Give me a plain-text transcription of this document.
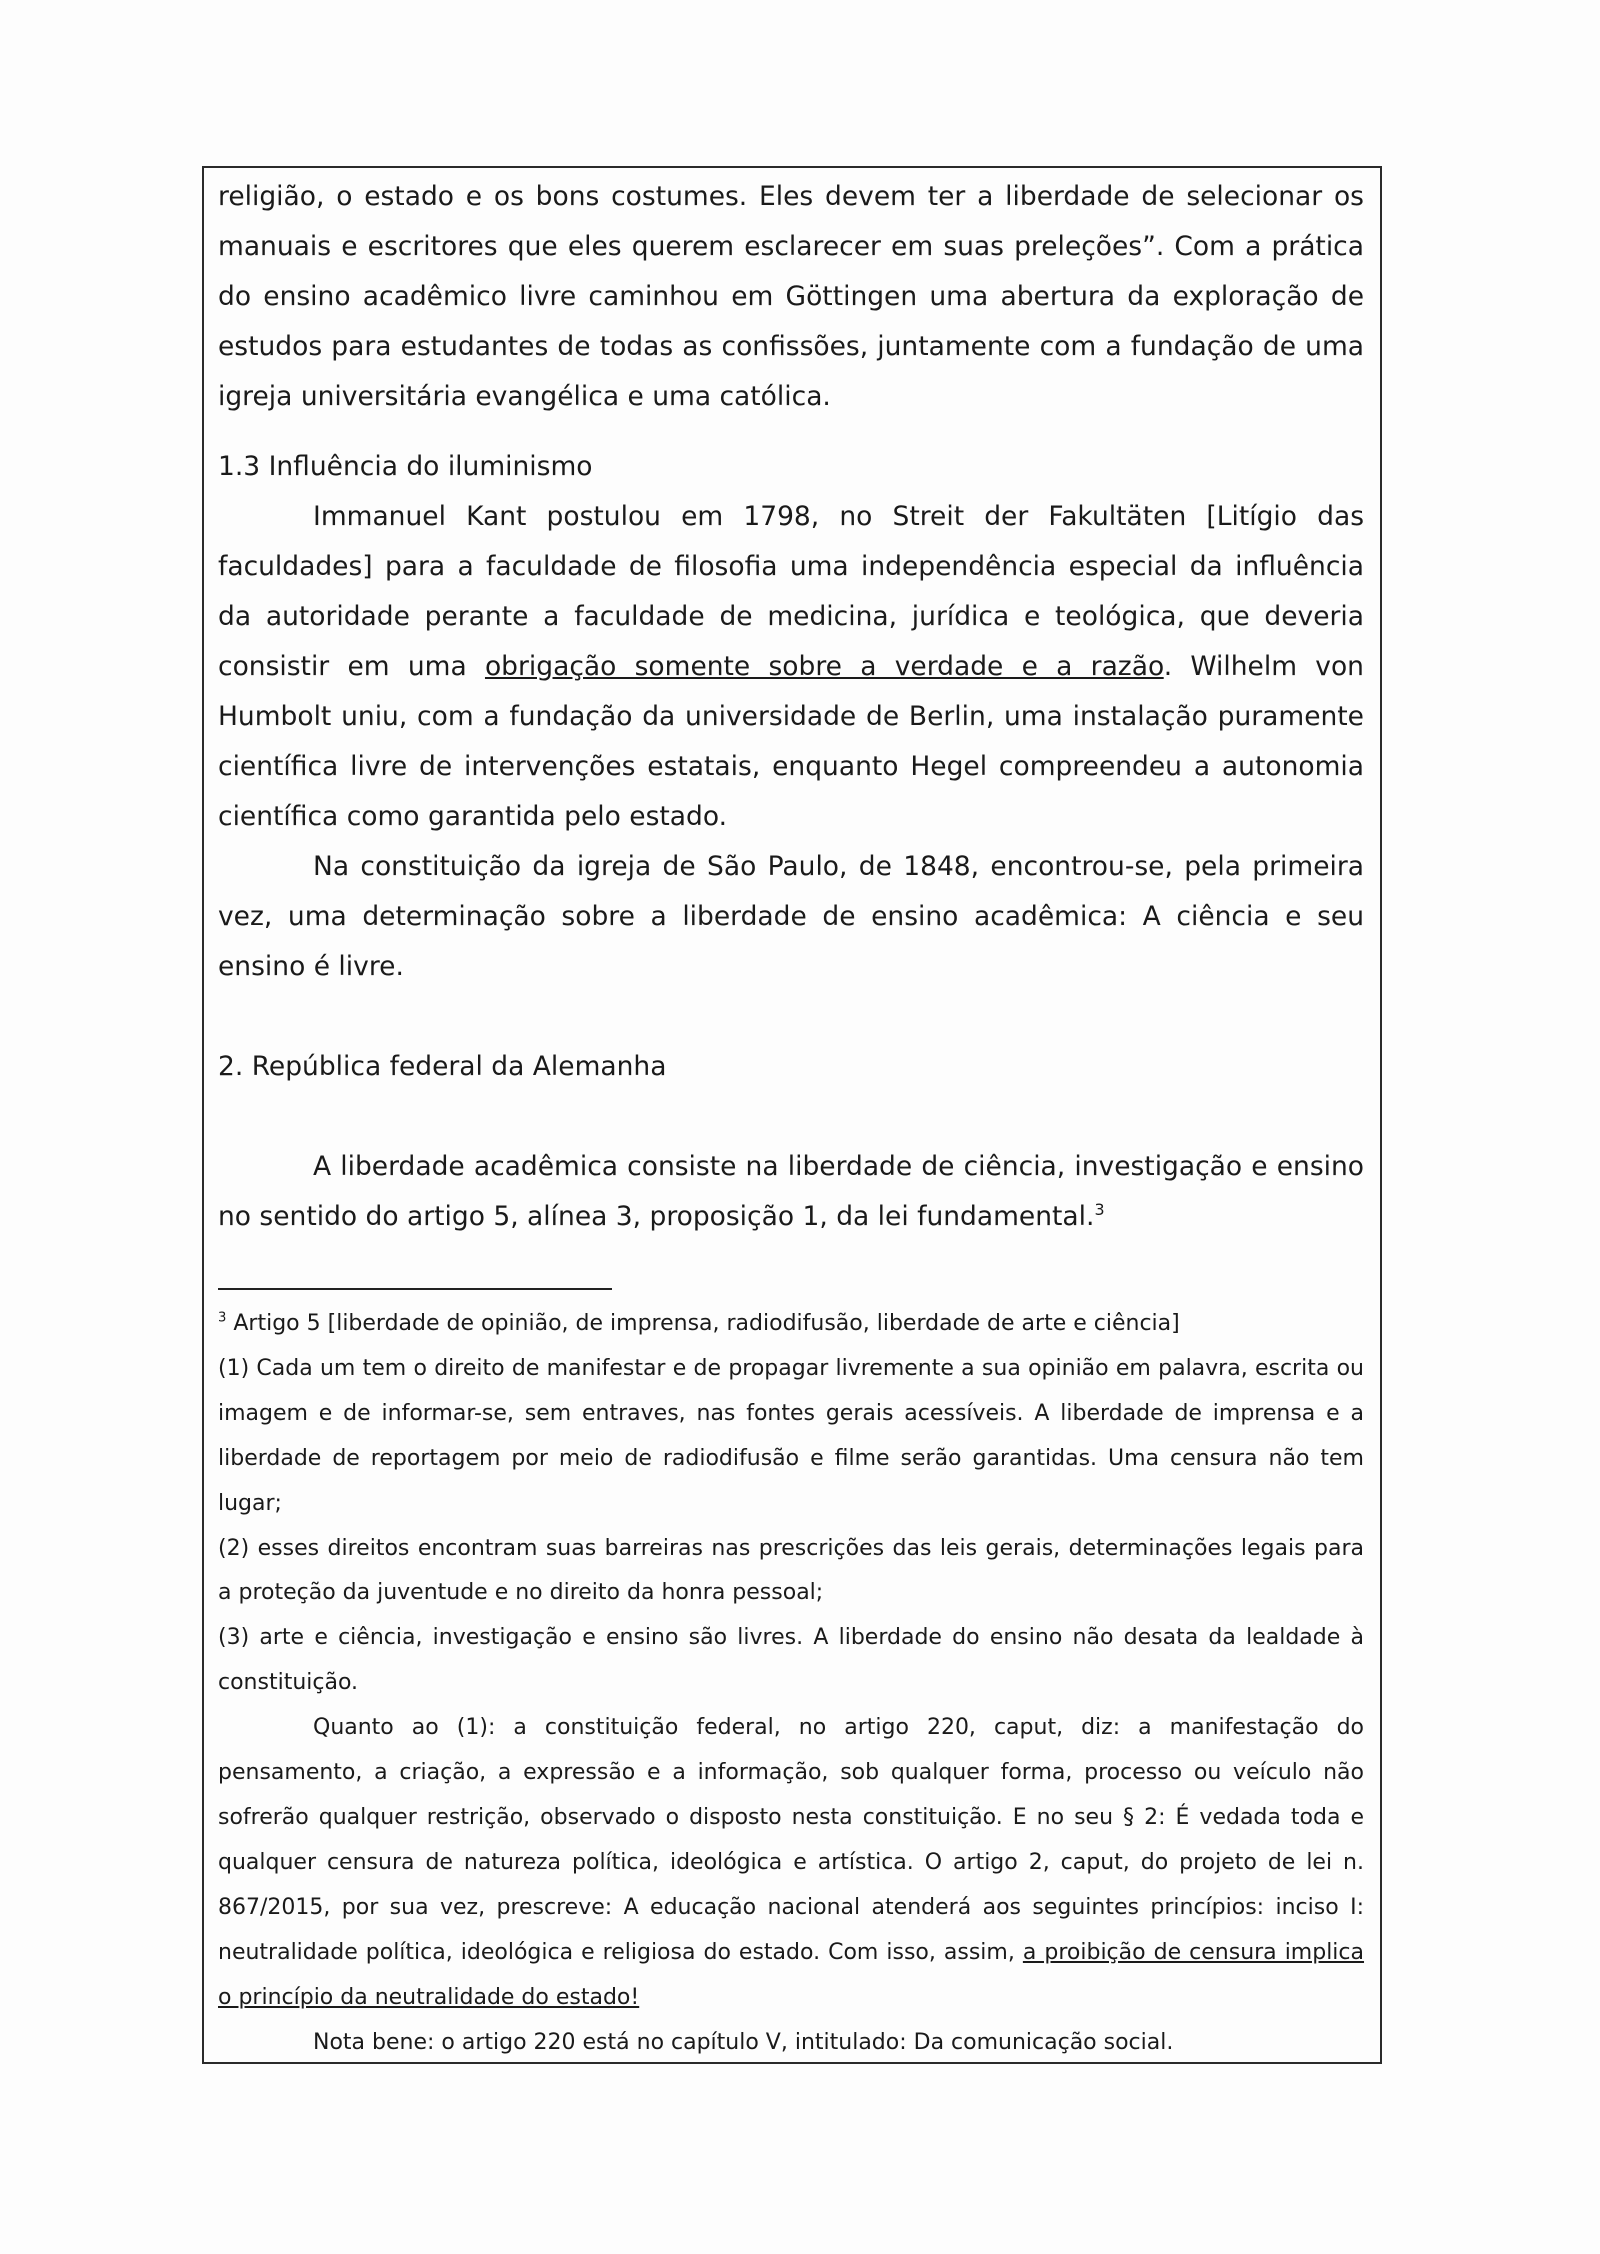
religião, o estado e os bons costumes. Eles devem ter a liberdade de selecionar os manuais e escritores que eles querem esclarecer em suas preleções”. Com a prática do ensino acadêmico livre caminhou em Göttingen uma abertura da exploração de estudos para estudantes de todas as confissões, juntamente com a fundação de uma igreja universitária evangélica e uma católica.

1.3 Influência do iluminismo

Immanuel Kant postulou em 1798, no Streit der Fakultäten [Litígio das faculdades] para a faculdade de filosofia uma independência especial da influência da autoridade perante a faculdade de medicina, jurídica e teológica, que deveria consistir em uma obrigação somente sobre a verdade e a razão. Wilhelm von Humbolt uniu, com a fundação da universidade de Berlin, uma instalação puramente científica livre de intervenções estatais, enquanto Hegel compreendeu a autonomia científica como garantida pelo estado.

Na constituição da igreja de São Paulo, de 1848, encontrou-se, pela primeira vez, uma determinação sobre a liberdade de ensino acadêmica: A ciência e seu ensino é livre.

2. República federal da Alemanha

A liberdade acadêmica consiste na liberdade de ciência, investigação e ensino no sentido do artigo 5, alínea 3, proposição 1, da lei fundamental.$^3$

$^3$ Artigo 5 [liberdade de opinião, de imprensa, radiodifusão, liberdade de arte e ciência]

(1) Cada um tem o direito de manifestar e de propagar livremente a sua opinião em palavra, escrita ou imagem e de informar-se, sem entraves, nas fontes gerais acessíveis. A liberdade de imprensa e a liberdade de reportagem por meio de radiodifusão e filme serão garantidas. Uma censura não tem lugar;

(2) esses direitos encontram suas barreiras nas prescrições das leis gerais, determinações legais para a proteção da juventude e no direito da honra pessoal;

(3) arte e ciência, investigação e ensino são livres. A liberdade do ensino não desata da lealdade à constituição.

Quanto ao (1): a constituição federal, no artigo 220, caput, diz: a manifestação do pensamento, a criação, a expressão e a informação, sob qualquer forma, processo ou veículo não sofrerão qualquer restrição, observado o disposto nesta constituição. E no seu § 2: É vedada toda e qualquer censura de natureza política, ideológica e artística. O artigo 2, caput, do projeto de lei n. 867/2015, por sua vez, prescreve: A educação nacional atenderá aos seguintes princípios: inciso I: neutralidade política, ideológica e religiosa do estado. Com isso, assim, a proibição de censura implica o princípio da neutralidade do estado!

Nota bene: o artigo 220 está no capítulo V, intitulado: Da comunicação social.
